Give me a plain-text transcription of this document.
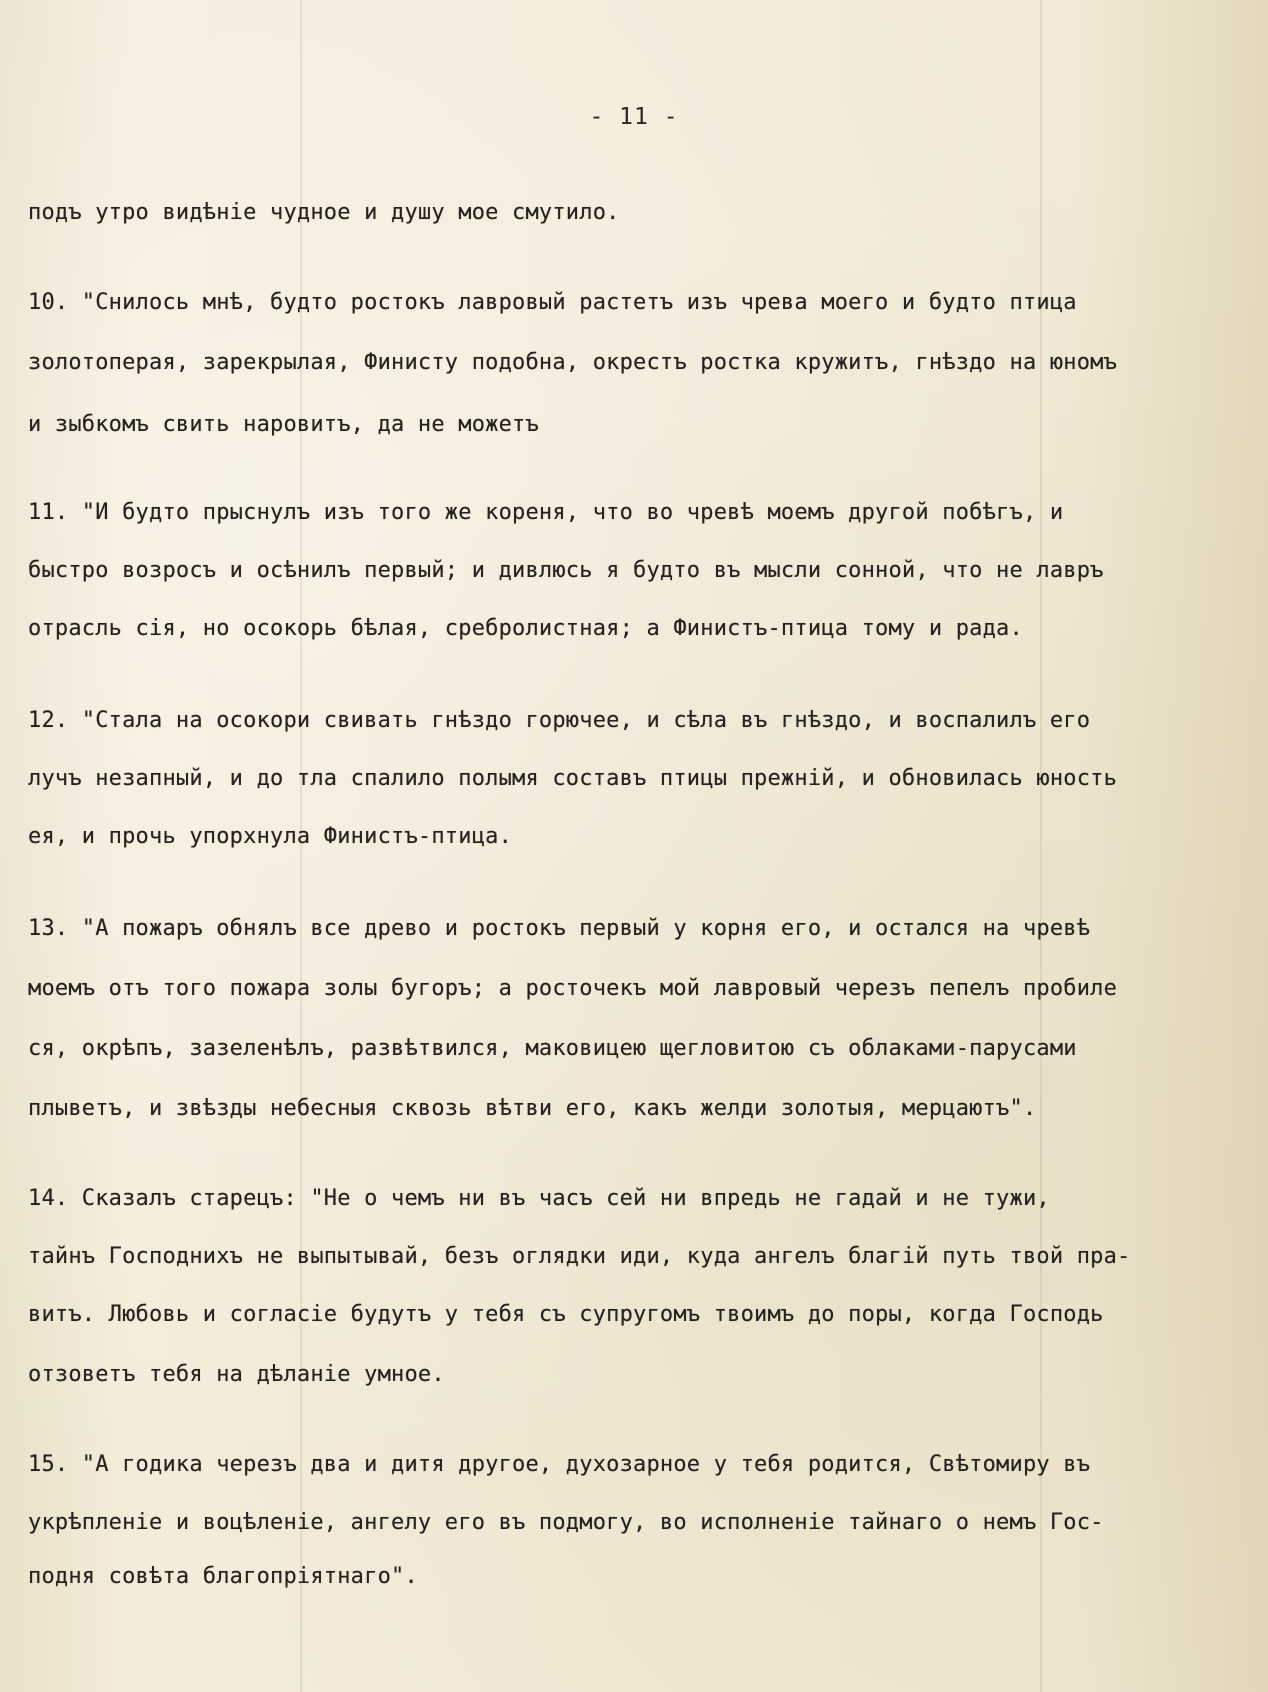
- 11 -
подъ утро видѣніе чудное и душу мое смутило.
10. "Снилось мнѣ, будто ростокъ лавровый растетъ изъ чрева моего и будто птица
золотоперая, зарекрылая, Финисту подобна, окрестъ ростка кружитъ, гнѣздо на юномъ
и зыбкомъ свить наровитъ, да не можетъ
11. "И будто прыснулъ изъ того же кореня, что во чревѣ моемъ другой побѣгъ, и
быстро возросъ и осѣнилъ первый; и дивлюсь я будто въ мысли сонной, что не лавръ
отрасль сія, но осокорь бѣлая, сребролистная; а Финистъ-птица тому и рада.
12. "Стала на осокори свивать гнѣздо горючее, и сѣла въ гнѣздо, и воспалилъ его
лучъ незапный, и до тла спалило полымя составъ птицы прежній, и обновилась юность
ея, и прочь упорхнула Финистъ-птица.
13. "А пожаръ обнялъ все древо и ростокъ первый у корня его, и остался на чревѣ
моемъ отъ того пожара золы бугоръ; а росточекъ мой лавровый черезъ пепелъ пробиле
ся, окрѣпъ, зазеленѣлъ, развѣтвился, маковицею щегловитою съ облаками-парусами
плыветъ, и звѣзды небесныя сквозь вѣтви его, какъ желди золотыя, мерцаютъ".
14. Сказалъ старецъ: "Не о чемъ ни въ часъ сей ни впредь не гадай и не тужи,
тайнъ Господнихъ не выпытывай, безъ оглядки иди, куда ангелъ благій путь твой пра-
витъ. Любовь и согласіе будутъ у тебя съ супругомъ твоимъ до поры, когда Господь
отзоветъ тебя на дѣланіе умное.
15. "А годика черезъ два и дитя другое, духозарное у тебя родится, Свѣтомиру въ
укрѣпленіе и воцѣленіе, ангелу его въ подмогу, во исполненіе тайнаго о немъ Гос-
подня совѣта благопріятнаго".
